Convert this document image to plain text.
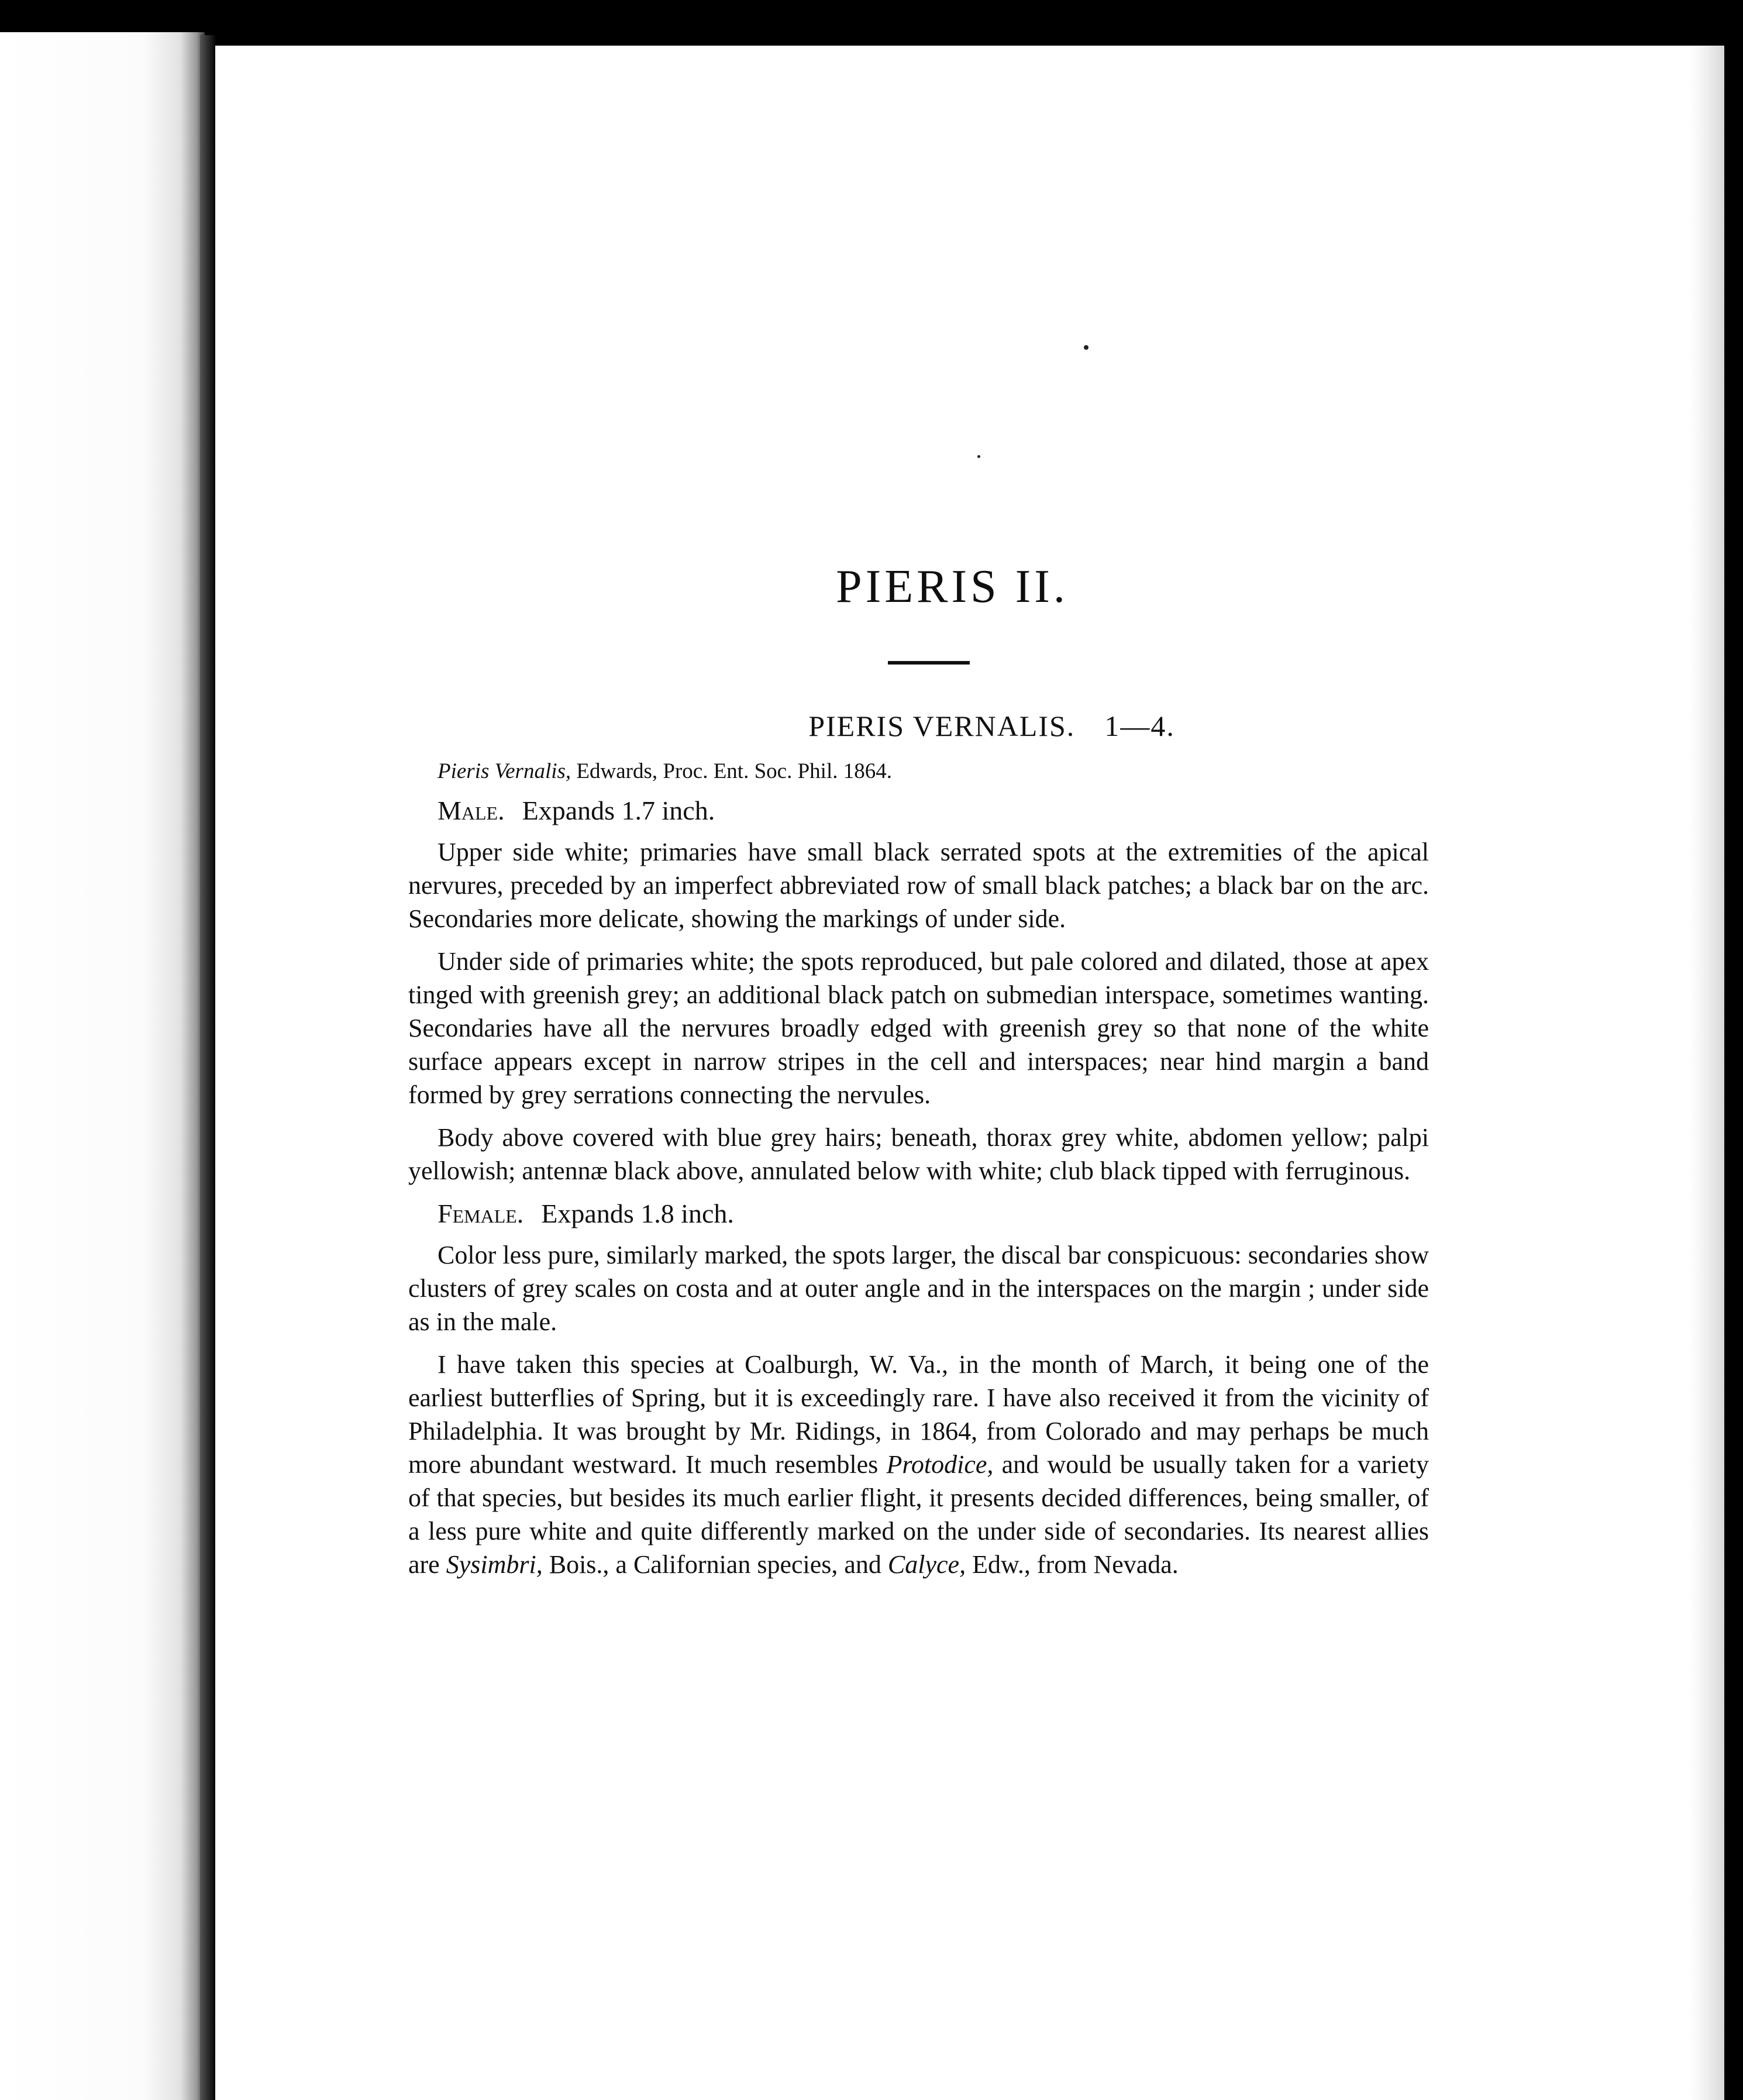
PIERIS II.
PIERIS VERNALIS. 1—4.
Pieris Vernalis, Edwards, Proc. Ent. Soc. Phil. 1864.
Male. Expands 1.7 inch.

Upper side white; primaries have small black serrated spots at the extremities of the apical nervures, preceded by an imperfect abbreviated row of small black patches; a black bar on the arc. Secondaries more delicate, showing the markings of under side.

Under side of primaries white; the spots reproduced, but pale colored and dilated, those at apex tinged with greenish grey; an additional black patch on submedian interspace, sometimes wanting. Secondaries have all the nervures broadly edged with greenish grey so that none of the white surface appears except in narrow stripes in the cell and interspaces; near hind margin a band formed by grey serrations connecting the nervules.

Body above covered with blue grey hairs; beneath, thorax grey white, abdomen yellow; palpi yellowish; antennæ black above, annulated below with white; club black tipped with ferruginous.

Female. Expands 1.8 inch.

Color less pure, similarly marked, the spots larger, the discal bar conspicuous: secondaries show clusters of grey scales on costa and at outer angle and in the interspaces on the margin ; under side as in the male.

I have taken this species at Coalburgh, W. Va., in the month of March, it being one of the earliest butterflies of Spring, but it is exceedingly rare. I have also received it from the vicinity of Philadelphia. It was brought by Mr. Ridings, in 1864, from Colorado and may perhaps be much more abundant westward. It much resembles Protodice, and would be usually taken for a variety of that species, but besides its much earlier flight, it presents decided differences, being smaller, of a less pure white and quite differently marked on the under side of secondaries. Its nearest allies are Sysimbri, Bois., a Californian species, and Calyce, Edw., from Nevada.
